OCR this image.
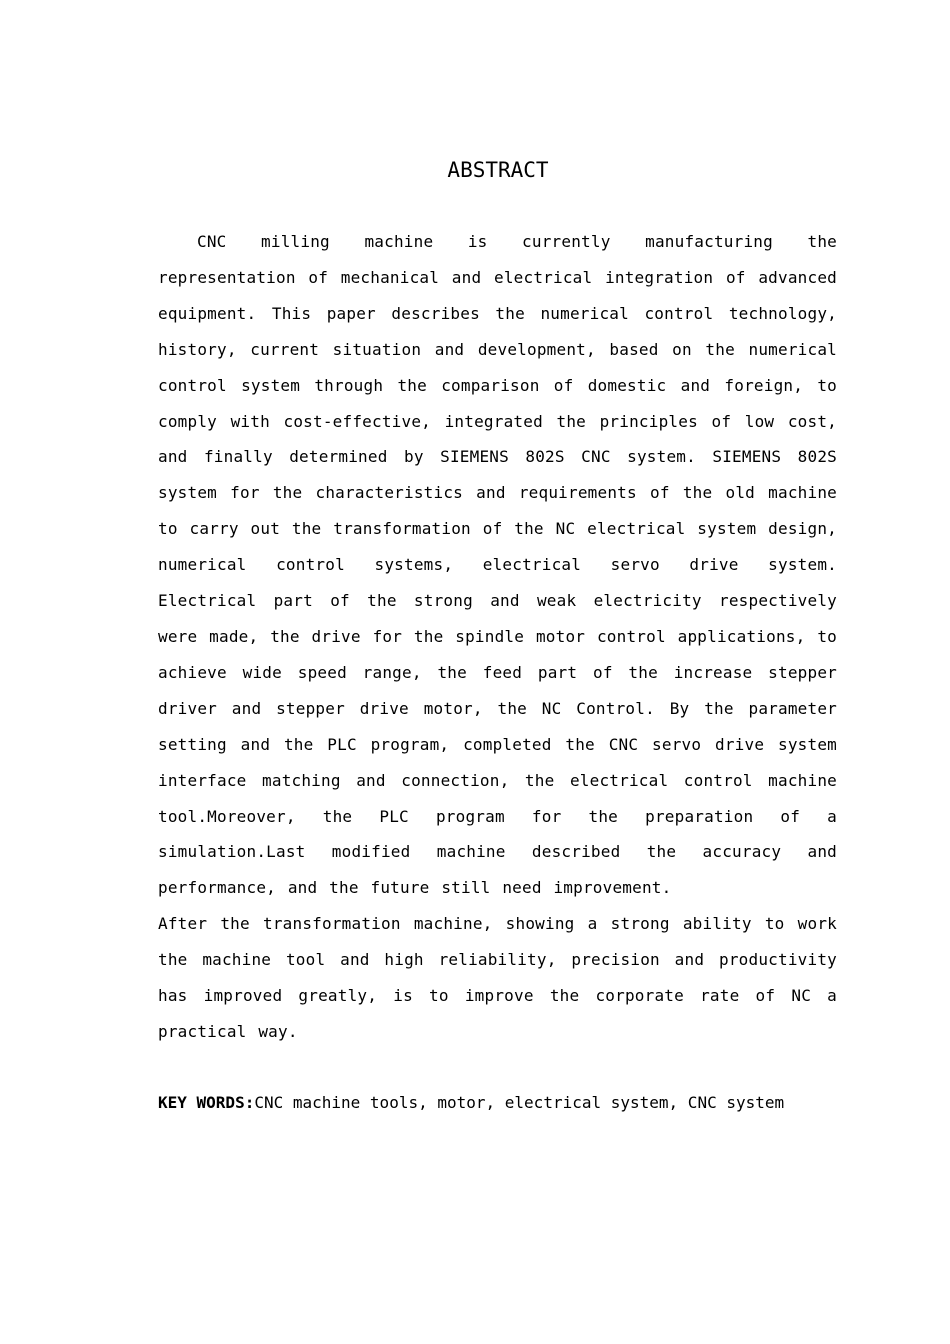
ABSTRACT

CNC milling machine is currently manufacturing the representation of mechanical and electrical integration of advanced equipment. This paper describes the numerical control technology, history, current situation and development, based on the numerical control system through the comparison of domestic and foreign, to comply with cost-effective, integrated the principles of low cost, and finally determined by SIEMENS 802S CNC system. SIEMENS 802S system for the characteristics and requirements of the old machine to carry out the transformation of the NC electrical system design, numerical control systems, electrical servo drive system. Electrical part of the strong and weak electricity respectively were made, the drive for the spindle motor control applications, to achieve wide speed range, the feed part of the increase stepper driver and stepper drive motor, the NC Control. By the parameter setting and the PLC program, completed the CNC servo drive system interface matching and connection, the electrical control machine tool.Moreover, the PLC program for the preparation of a simulation.Last modified machine described the accuracy and performance, and the future still need improvement.

After the transformation machine, showing a strong ability to work the machine tool and high reliability, precision and productivity has improved greatly, is to improve the corporate rate of NC a practical way.

KEY WORDS:CNC machine tools, motor, electrical system, CNC system
